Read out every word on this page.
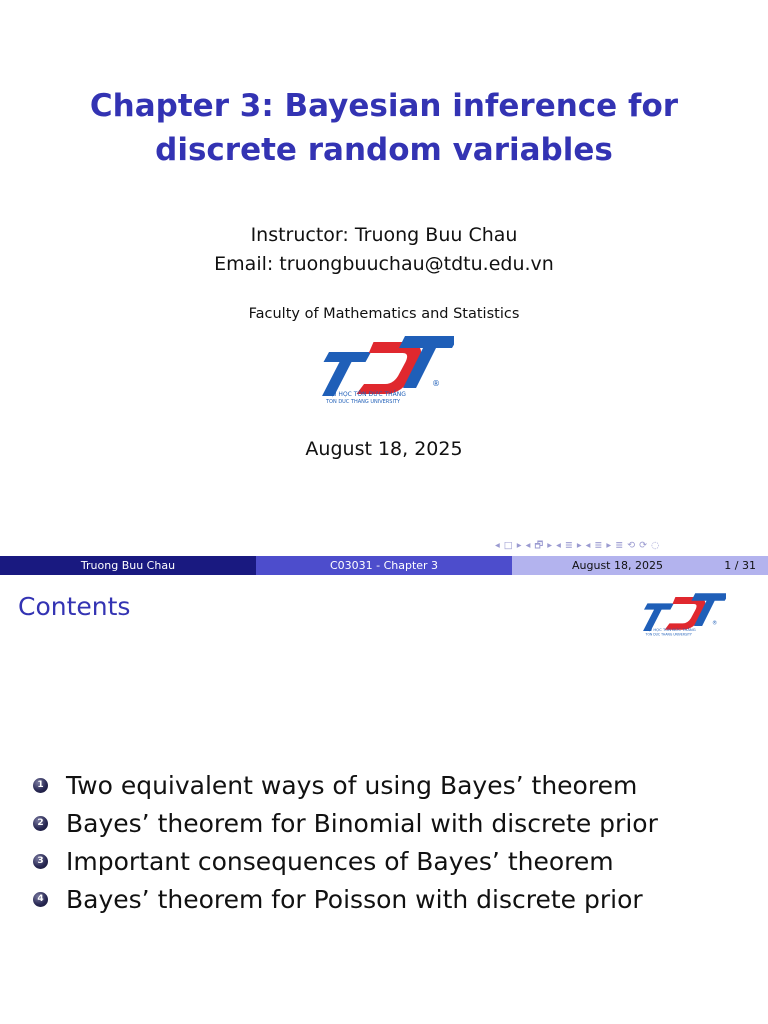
Chapter 3: Bayesian inference for
discrete random variables
Instructor: Truong Buu Chau
Email: truongbuuchau@tdtu.edu.vn
Faculty of Mathematics and Statistics
®
ĐẠI HỌC TÔN ĐỨC THẮNG
TON DUC THANG UNIVERSITY
August 18, 2025
◂ □ ▸ ◂ 🗗 ▸ ◂ ≣ ▸ ◂ ≣ ▸ ≣ ⟲ ⟳ ◌
Truong Buu Chau	C03031 - Chapter 3	August 18, 2025	1 / 31
Contents
®
ĐẠI HỌC TÔN ĐỨC THẮNG
TON DUC THANG UNIVERSITY
1 Two equivalent ways of using Bayes’ theorem
2 Bayes’ theorem for Binomial with discrete prior
3 Important consequences of Bayes’ theorem
4 Bayes’ theorem for Poisson with discrete prior
